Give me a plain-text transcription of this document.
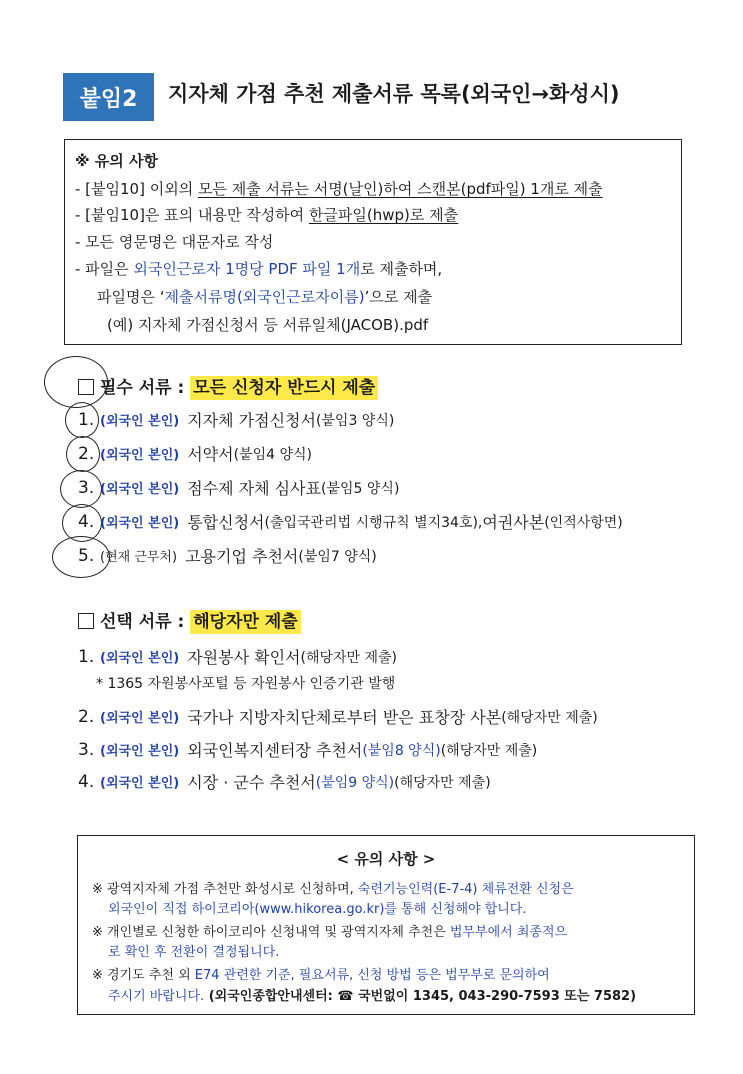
붙임2	지자체 가점 추천 제출서류 목록(외국인→화성시)
※ 유의 사항
- [붙임10] 이외의 모든 제출 서류는 서명(날인)하여 스캔본(pdf파일) 1개로 제출
- [붙임10]은 표의 내용만 작성하여 한글파일(hwp)로 제출
- 모든 영문명은 대문자로 작성
- 파일은 외국인근로자 1명당 PDF 파일 1개로 제출하며,
파일명은 ‘제출서류명(외국인근로자이름)’으로 제출
(예) 지자체 가점신청서 등 서류일체(JACOB).pdf
필수 서류 : 모든 신청자 반드시 제출
1. (외국인 본인) 지자체 가점신청서 (붙임3 양식)
2. (외국인 본인) 서약서 (붙임4 양식)
3. (외국인 본인) 점수제 자체 심사표 (붙임5 양식)
4. (외국인 본인) 통합신청서 (출입국관리법 시행규칙 별지34호), 여권사본 (인적사항면)
5. (현재 근무처) 고용기업 추천서 (붙임7 양식)
선택 서류 : 해당자만 제출
1. (외국인 본인) 자원봉사 확인서 (해당자만 제출)
* 1365 자원봉사포털 등 자원봉사 인증기관 발행
2. (외국인 본인) 국가나 지방자치단체로부터 받은 표창장 사본 (해당자만 제출)
3. (외국인 본인) 외국인복지센터장 추천서 (붙임8 양식) (해당자만 제출)
4. (외국인 본인) 시장 · 군수 추천서 (붙임9 양식) (해당자만 제출)
< 유의 사항 >
※ 광역지자체 가점 추천만 화성시로 신청하며, 숙련기능인력(E-7-4) 체류전환 신청은
외국인이 직접 하이코리아(www.hikorea.go.kr)를 통해 신청해야 합니다.
※ 개인별로 신청한 하이코리아 신청내역 및 광역지자체 추천은 법무부에서 최종적으
로 확인 후 전환이 결정됩니다.
※ 경기도 추천 외 E74 관련한 기준, 필요서류, 신청 방법 등은 법무부로 문의하여
주시기 바랍니다. (외국인종합안내센터: ☎ 국번없이 1345, 043-290-7593 또는 7582)
